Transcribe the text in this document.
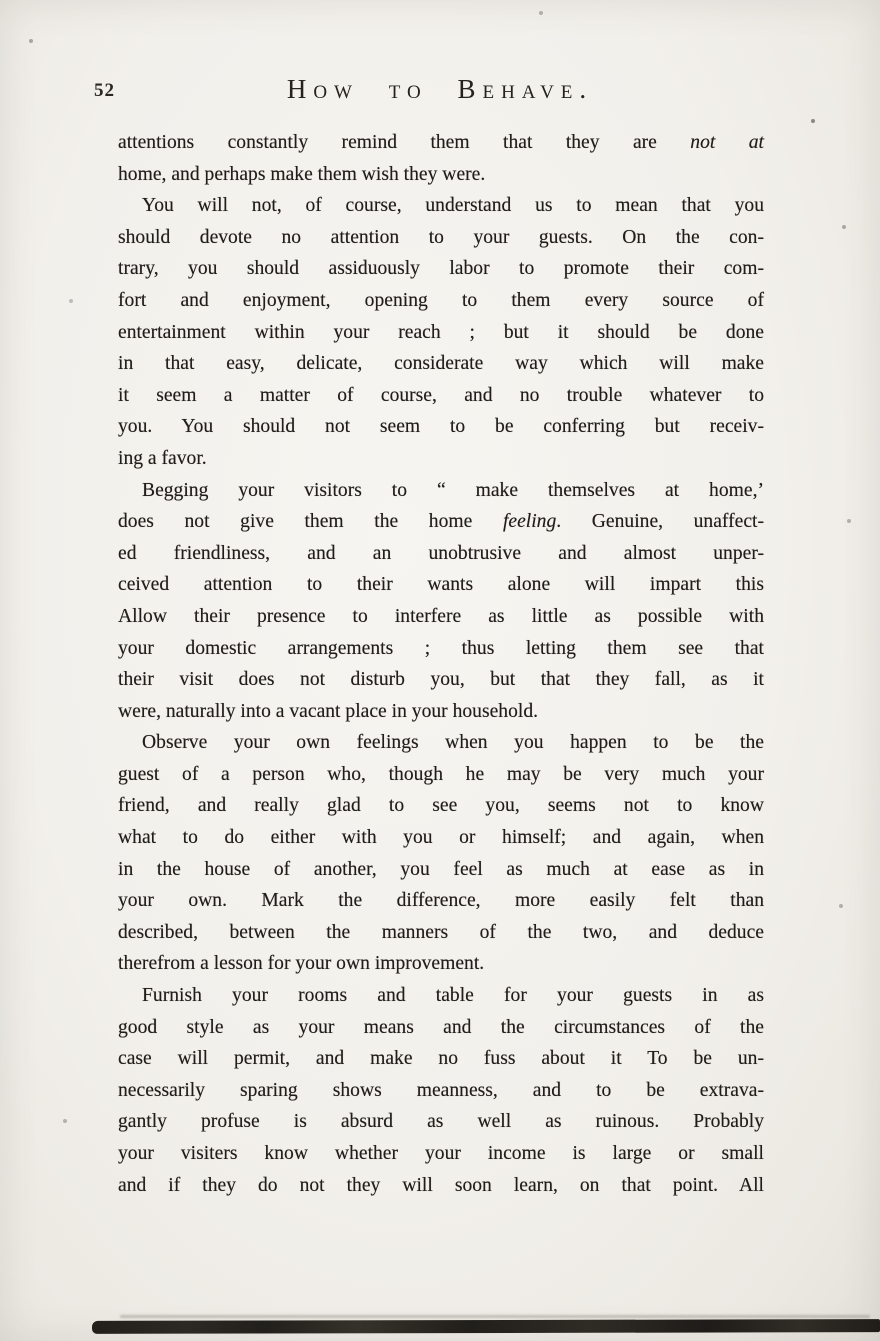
52	How to Behave.
attentions constantly remind them that they are not at
home, and perhaps make them wish they were.
You will not, of course, understand us to mean that you
should devote no attention to your guests. On the con-
trary, you should assiduously labor to promote their com-
fort and enjoyment, opening to them every source of
entertainment within your reach ; but it should be done
in that easy, delicate, considerate way which will make
it seem a matter of course, and no trouble whatever to
you. You should not seem to be conferring but receiv-
ing a favor.
Begging your visitors to “ make themselves at home,’
does not give them the home feeling. Genuine, unaffect-
ed friendliness, and an unobtrusive and almost unper-
ceived attention to their wants alone will impart this
Allow their presence to interfere as little as possible with
your domestic arrangements ; thus letting them see that
their visit does not disturb you, but that they fall, as it
were, naturally into a vacant place in your household.
Observe your own feelings when you happen to be the
guest of a person who, though he may be very much your
friend, and really glad to see you, seems not to know
what to do either with you or himself; and again, when
in the house of another, you feel as much at ease as in
your own. Mark the difference, more easily felt than
described, between the manners of the two, and deduce
therefrom a lesson for your own improvement.
Furnish your rooms and table for your guests in as
good style as your means and the circumstances of the
case will permit, and make no fuss about it To be un-
necessarily sparing shows meanness, and to be extrava-
gantly profuse is absurd as well as ruinous. Probably
your visiters know whether your income is large or small
and if they do not they will soon learn, on that point. All
